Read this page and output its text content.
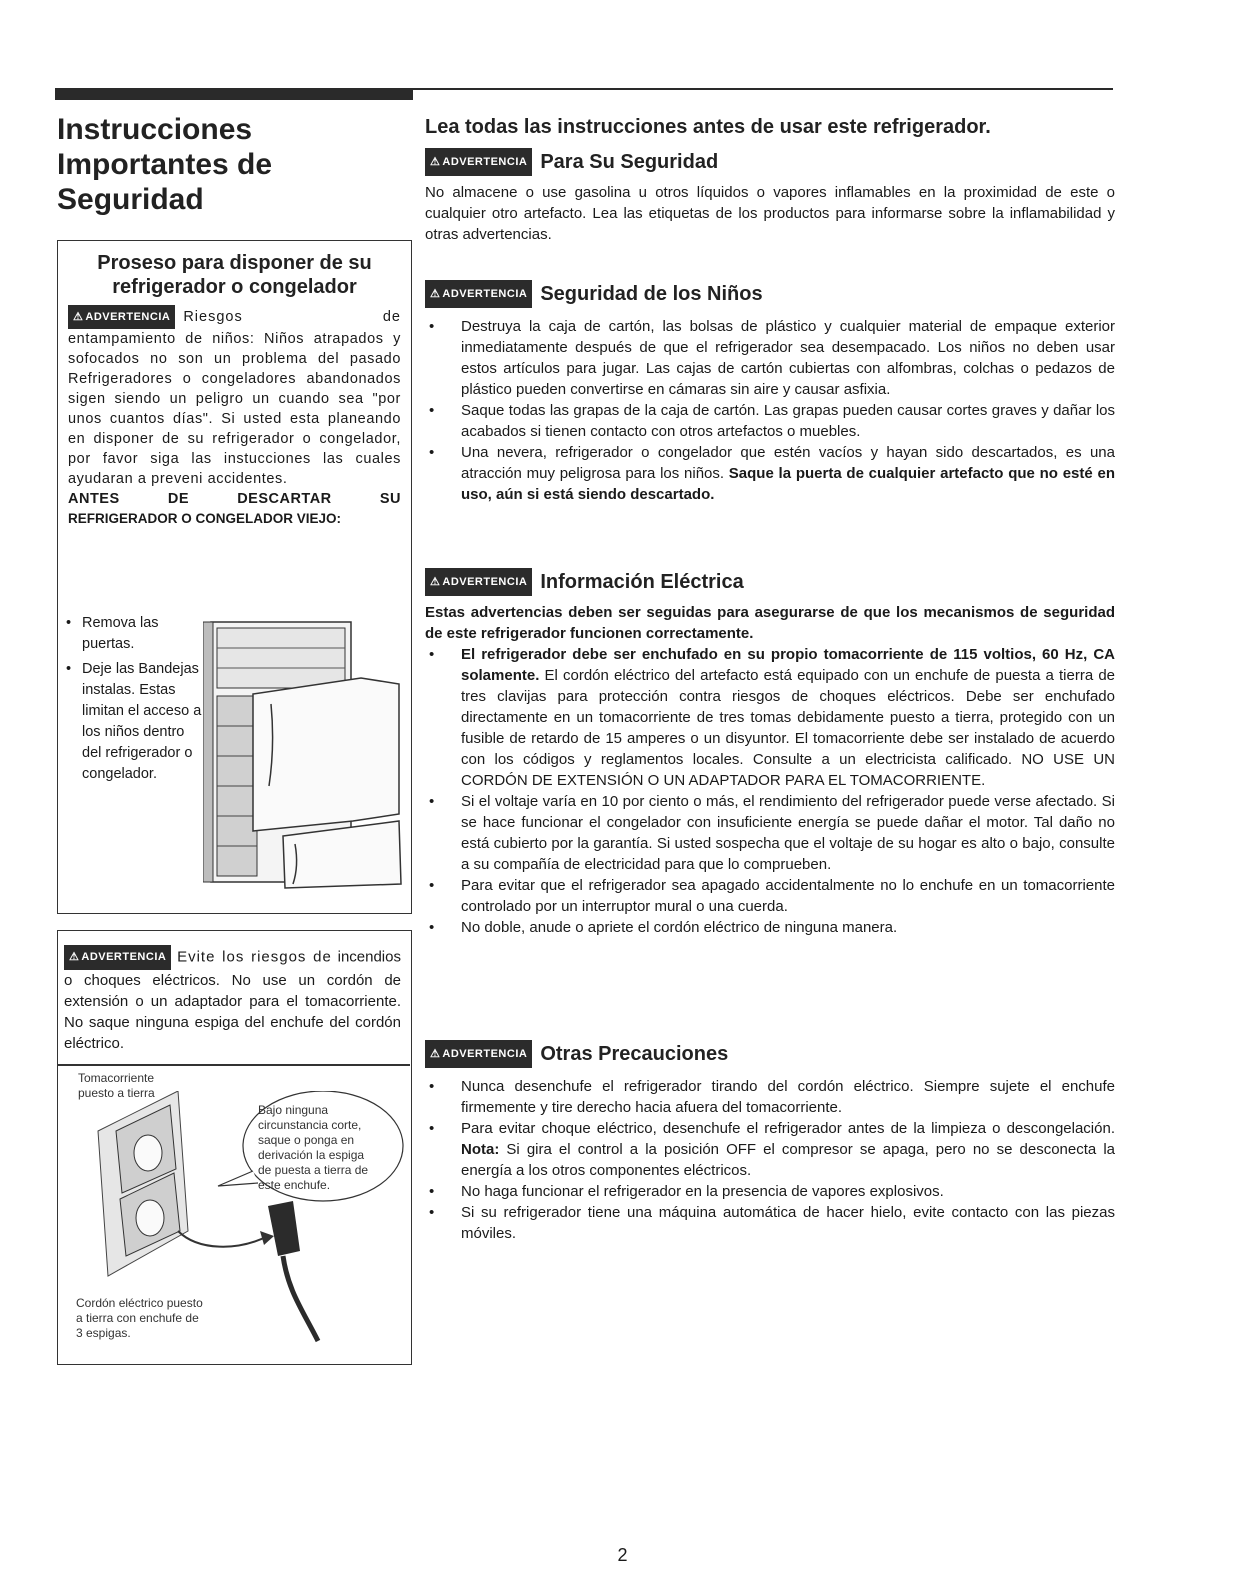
Instrucciones
Importantes de
Seguridad
Proseso para disponer de su
refrigerador o congelador
⚠ ADVERTENCIA Riesgos de
entampamiento de niños: Niños atrapados y sofocados no son un problema del pasado Refrigeradores o congeladores abandonados sigen siendo un peligro un cuando sea "por unos cuantos días". Si usted esta planeando en disponer de su refrigerador o congelador, por favor siga las instucciones las cuales ayudaran a preveni accidentes.
ANTES DE DESCARTAR SU
REFRIGERADOR O CONGELADOR VIEJO:
• Remova las puertas.
• Deje las Bandejas instalas. Estas limitan el acceso a los niños dentro del refrigerador o congelador.
⚠ ADVERTENCIA Evite los riesgos de incendios o choques eléctricos. No use un cordón de extensión o un adaptador para el tomacorriente. No saque ninguna espiga del enchufe del cordón eléctrico.
Tomacorriente
puesto a tierra
Bajo ninguna
circunstancia corte,
saque o ponga en
derivación la espiga
de puesta a tierra de
este enchufe.
Cordón eléctrico puesto
a tierra con enchufe de
3 espigas.
Lea todas las instrucciones antes de usar este refrigerador.
⚠ ADVERTENCIA Para Su Seguridad
No almacene o use gasolina u otros líquidos o vapores inflamables en la proximidad de este o cualquier otro artefacto. Lea las etiquetas de los productos para informarse sobre la inflamabilidad y otras advertencias.
⚠ ADVERTENCIA Seguridad de los Niños
• Destruya la caja de cartón, las bolsas de plástico y cualquier material de empaque exterior inmediatamente después de que el refrigerador sea desempacado. Los niños no deben usar estos artículos para jugar. Las cajas de cartón cubiertas con alfombras, colchas o pedazos de plástico pueden convertirse en cámaras sin aire y causar asfixia.
• Saque todas las grapas de la caja de cartón. Las grapas pueden causar cortes graves y dañar los acabados si tienen contacto con otros artefactos o muebles.
• Una nevera, refrigerador o congelador que estén vacíos y hayan sido descartados, es una atracción muy peligrosa para los niños. Saque la puerta de cualquier artefacto que no esté en uso, aún si está siendo descartado.
⚠ ADVERTENCIA Información Eléctrica
Estas advertencias deben ser seguidas para asegurarse de que los mecanismos de seguridad de este refrigerador funcionen correctamente.
• El refrigerador debe ser enchufado en su propio tomacorriente de 115 voltios, 60 Hz, CA solamente. El cordón eléctrico del artefacto está equipado con un enchufe de puesta a tierra de tres clavijas para protección contra riesgos de choques eléctricos. Debe ser enchufado directamente en un tomacorriente de tres tomas debidamente puesto a tierra, protegido con un fusible de retardo de 15 amperes o un disyuntor. El tomacorriente debe ser instalado de acuerdo con los códigos y reglamentos locales. Consulte a un electricista calificado. NO USE UN CORDÓN DE EXTENSIÓN O UN ADAPTADOR PARA EL TOMACORRIENTE.
• Si el voltaje varía en 10 por ciento o más, el rendimiento del refrigerador puede verse afectado. Si se hace funcionar el congelador con insuficiente energía se puede dañar el motor. Tal daño no está cubierto por la garantía. Si usted sospecha que el voltaje de su hogar es alto o bajo, consulte a su compañía de electricidad para que lo comprueben.
• Para evitar que el refrigerador sea apagado accidentalmente no lo enchufe en un tomacorriente controlado por un interruptor mural o una cuerda.
• No doble, anude o apriete el cordón eléctrico de ninguna manera.
⚠ ADVERTENCIA Otras Precauciones
• Nunca desenchufe el refrigerador tirando del cordón eléctrico. Siempre sujete el enchufe firmemente y tire derecho hacia afuera del tomacorriente.
• Para evitar choque eléctrico, desenchufe el refrigerador antes de la limpieza o descongelación. Nota: Si gira el control a la posición OFF el compresor se apaga, pero no se desconecta la energía a los otros componentes eléctricos.
• No haga funcionar el refrigerador en la presencia de vapores explosivos.
• Si su refrigerador tiene una máquina automática de hacer hielo, evite contacto con las piezas móviles.
2
